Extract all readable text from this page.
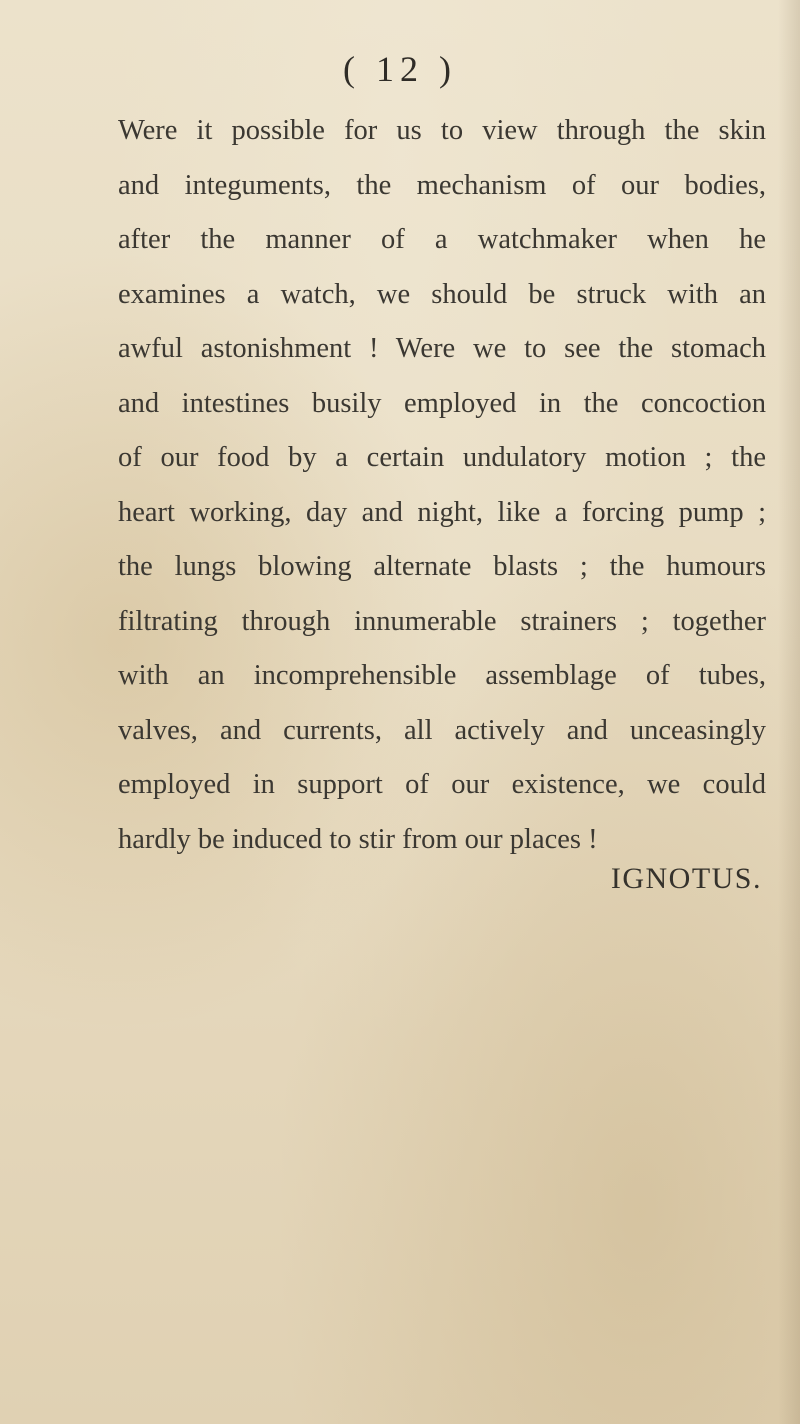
( 12 )
Were it possible for us to view through the skin
and integuments, the mechanism of our bodies,
after the manner of a watchmaker when he
examines a watch, we should be struck with an
awful astonishment ! Were we to see the stomach
and intestines busily employed in the concoction
of our food by a certain undulatory motion ; the
heart working, day and night, like a forcing pump ;
the lungs blowing alternate blasts ; the humours
filtrating through innumerable strainers ; together
with an incomprehensible assemblage of tubes,
valves, and currents, all actively and unceasingly
employed in support of our existence, we could
hardly be induced to stir from our places !
IGNOTUS.
